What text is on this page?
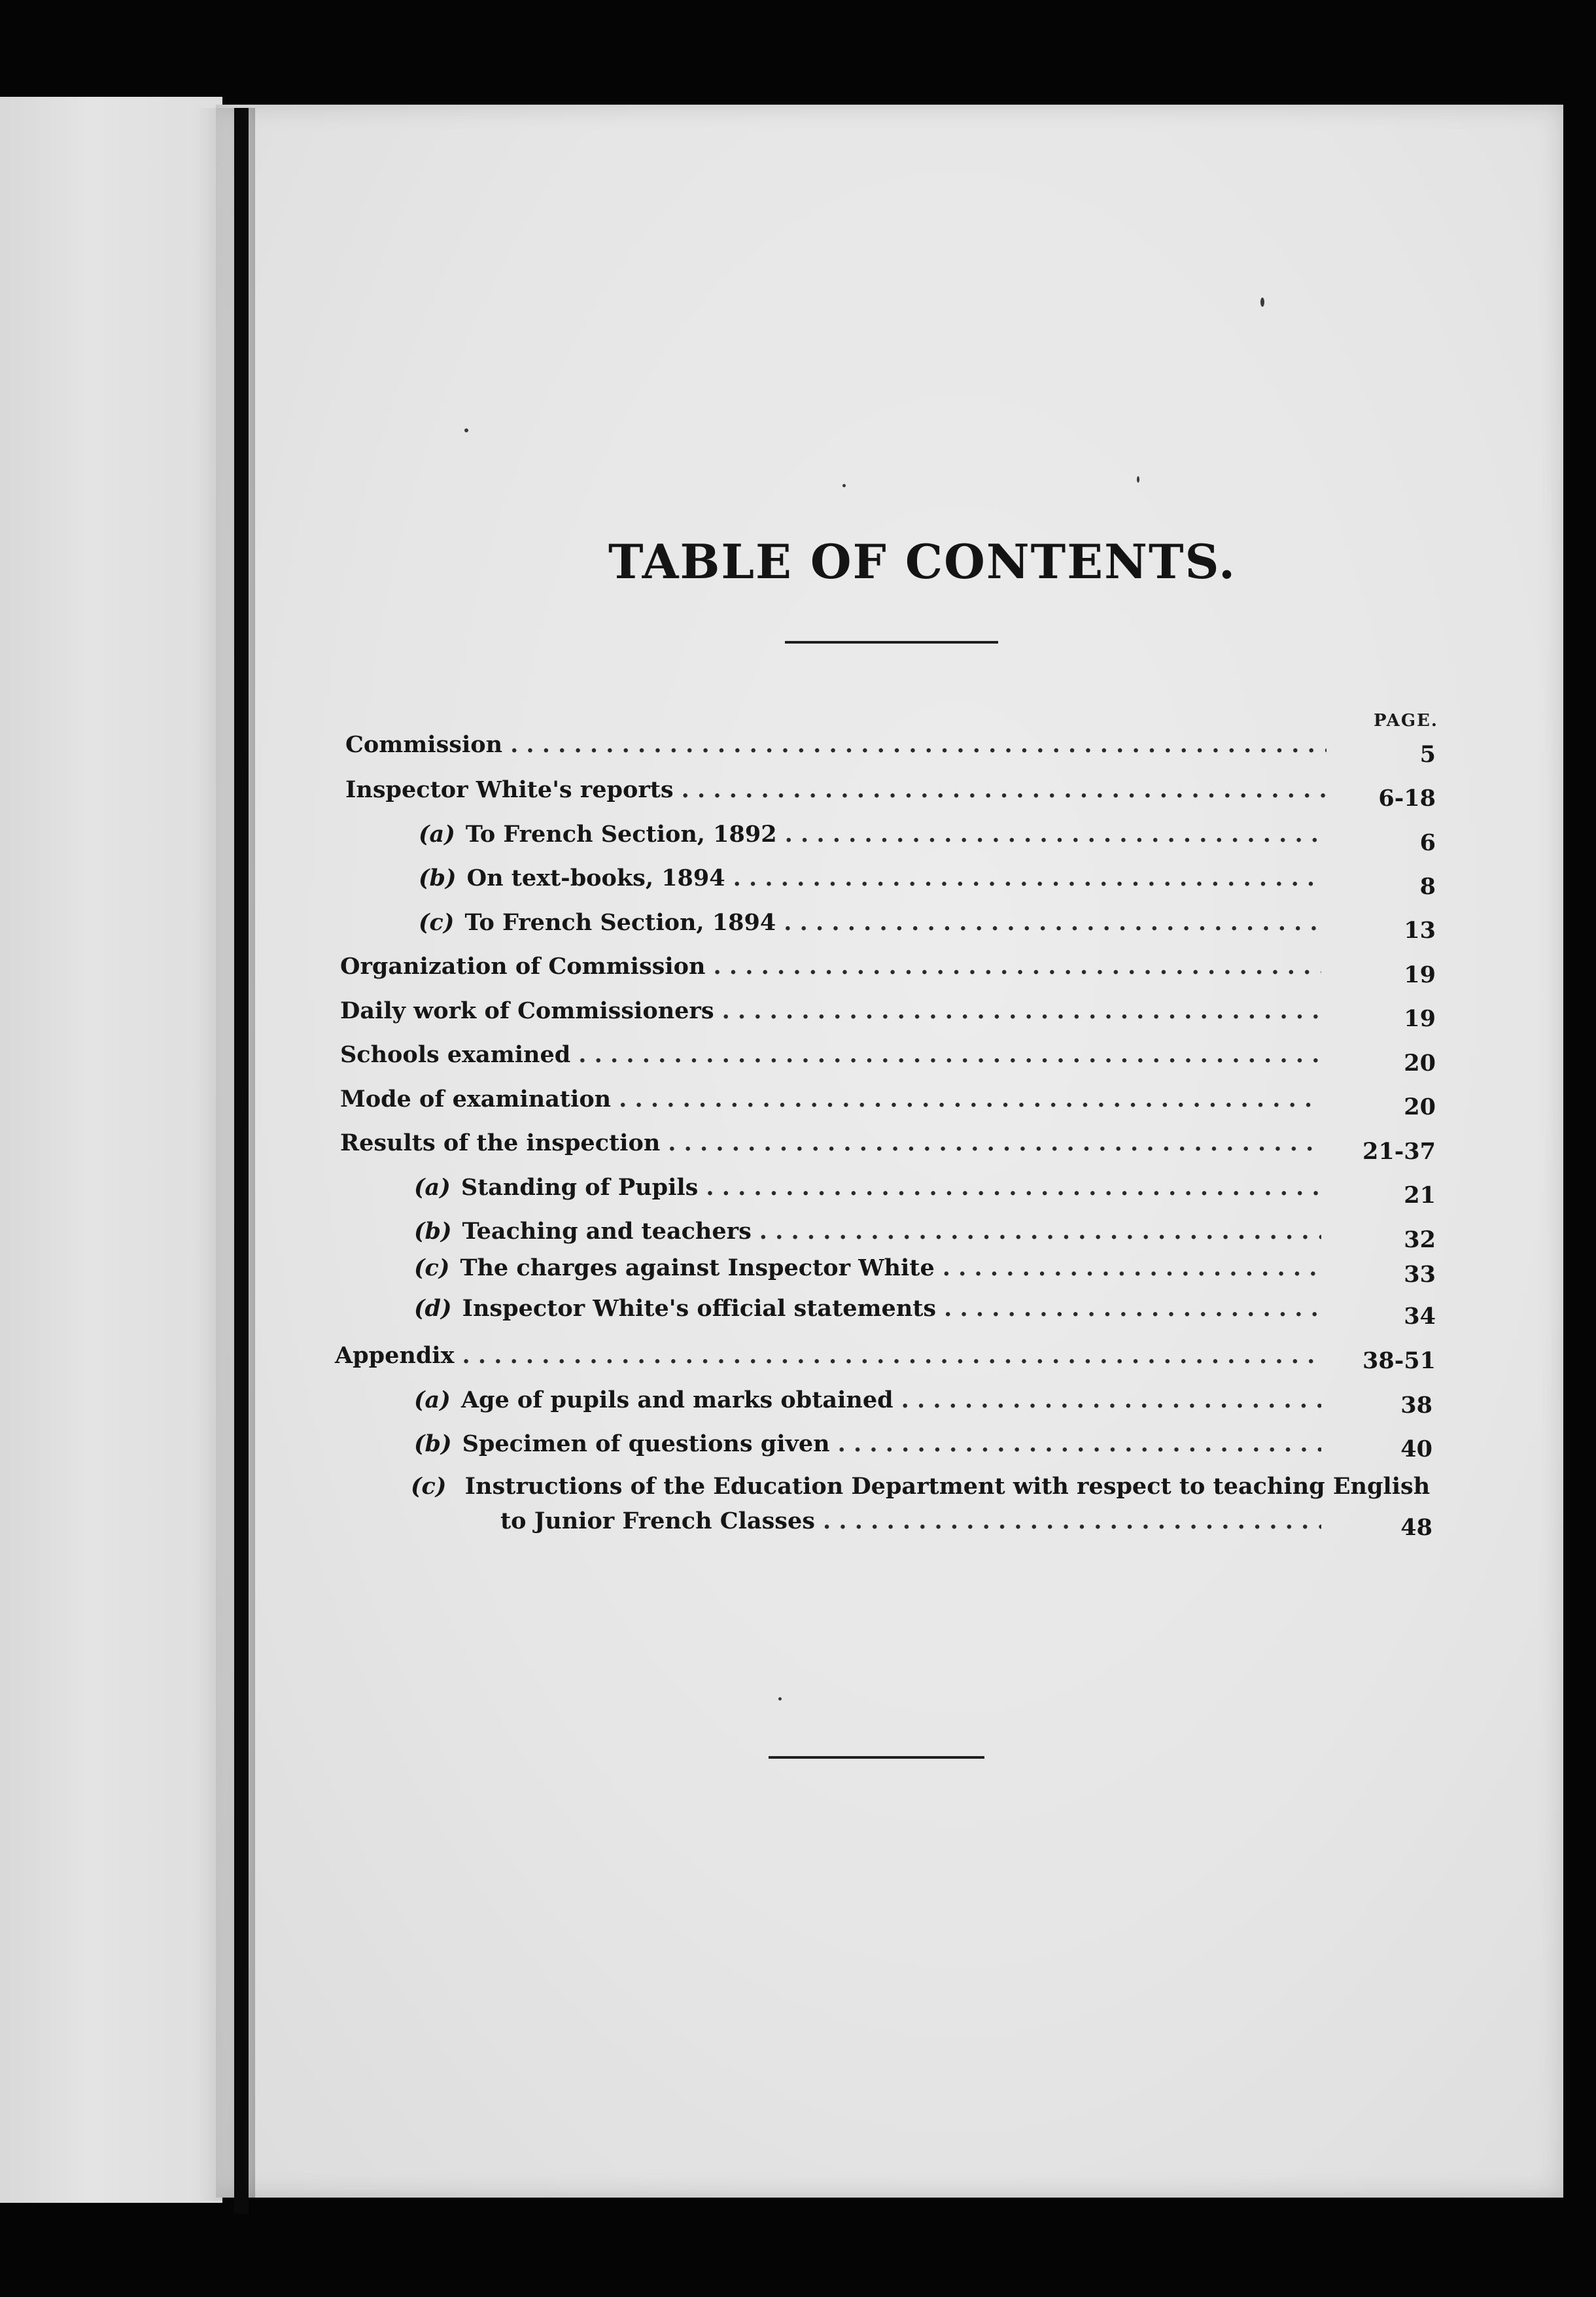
TABLE OF CONTENTS.
PAGE.
Commission . . .	5
Inspector White's reports . . .	6-18
(a) To French Section, 1892 . . .	6
(b) On text-books, 1894 . . .	8
(c) To French Section, 1894 . . .	13
Organization of Commission . . .	19
Daily work of Commissioners . . .	19
Schools examined . . .	20
Mode of examination . . .	20
Results of the inspection . . .	21-37
(a) Standing of Pupils . . .	21
(b) Teaching and teachers . . .	32
(c) The charges against Inspector White . . .	33
(d) Inspector White's official statements . . .	34
Appendix . . .	38-51
(a) Age of pupils and marks obtained . . .	38
(b) Specimen of questions given . . .	40
(c) Instructions of the Education Department with respect to teaching English
to Junior French Classes . . .	48
